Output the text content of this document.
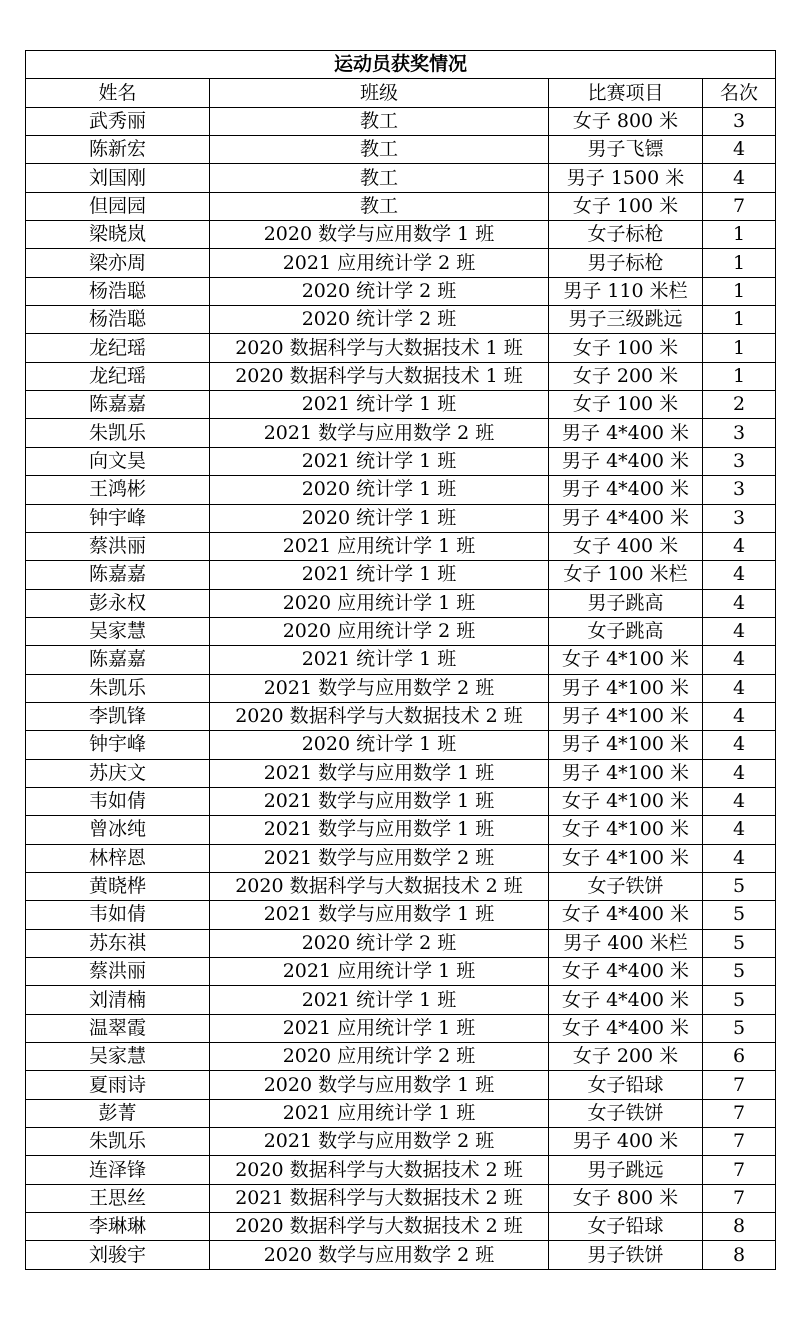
运动员获奖情况			
姓名	班级	比赛项目	名次
武秀丽	教工	女子 800 米	3
陈新宏	教工	男子飞镖	4
刘国刚	教工	男子 1500 米	4
但园园	教工	女子 100 米	7
梁晓岚	2020 数学与应用数学 1 班	女子标枪	1
梁亦周	2021 应用统计学 2 班	男子标枪	1
杨浩聪	2020 统计学 2 班	男子 110 米栏	1
杨浩聪	2020 统计学 2 班	男子三级跳远	1
龙纪瑶	2020 数据科学与大数据技术 1 班	女子 100 米	1
龙纪瑶	2020 数据科学与大数据技术 1 班	女子 200 米	1
陈嘉嘉	2021 统计学 1 班	女子 100 米	2
朱凯乐	2021 数学与应用数学 2 班	男子 4*400 米	3
向文昊	2021 统计学 1 班	男子 4*400 米	3
王鸿彬	2020 统计学 1 班	男子 4*400 米	3
钟宇峰	2020 统计学 1 班	男子 4*400 米	3
蔡洪丽	2021 应用统计学 1 班	女子 400 米	4
陈嘉嘉	2021 统计学 1 班	女子 100 米栏	4
彭永权	2020 应用统计学 1 班	男子跳高	4
吴家慧	2020 应用统计学 2 班	女子跳高	4
陈嘉嘉	2021 统计学 1 班	女子 4*100 米	4
朱凯乐	2021 数学与应用数学 2 班	男子 4*100 米	4
李凯锋	2020 数据科学与大数据技术 2 班	男子 4*100 米	4
钟宇峰	2020 统计学 1 班	男子 4*100 米	4
苏庆文	2021 数学与应用数学 1 班	男子 4*100 米	4
韦如倩	2021 数学与应用数学 1 班	女子 4*100 米	4
曾冰纯	2021 数学与应用数学 1 班	女子 4*100 米	4
林梓恩	2021 数学与应用数学 2 班	女子 4*100 米	4
黄晓桦	2020 数据科学与大数据技术 2 班	女子铁饼	5
韦如倩	2021 数学与应用数学 1 班	女子 4*400 米	5
苏东祺	2020 统计学 2 班	男子 400 米栏	5
蔡洪丽	2021 应用统计学 1 班	女子 4*400 米	5
刘清楠	2021 统计学 1 班	女子 4*400 米	5
温翠霞	2021 应用统计学 1 班	女子 4*400 米	5
吴家慧	2020 应用统计学 2 班	女子 200 米	6
夏雨诗	2020 数学与应用数学 1 班	女子铅球	7
彭菁	2021 应用统计学 1 班	女子铁饼	7
朱凯乐	2021 数学与应用数学 2 班	男子 400 米	7
连泽锋	2020 数据科学与大数据技术 2 班	男子跳远	7
王思丝	2021 数据科学与大数据技术 2 班	女子 800 米	7
李琳琳	2020 数据科学与大数据技术 2 班	女子铅球	8
刘骏宇	2020 数学与应用数学 2 班	男子铁饼	8
